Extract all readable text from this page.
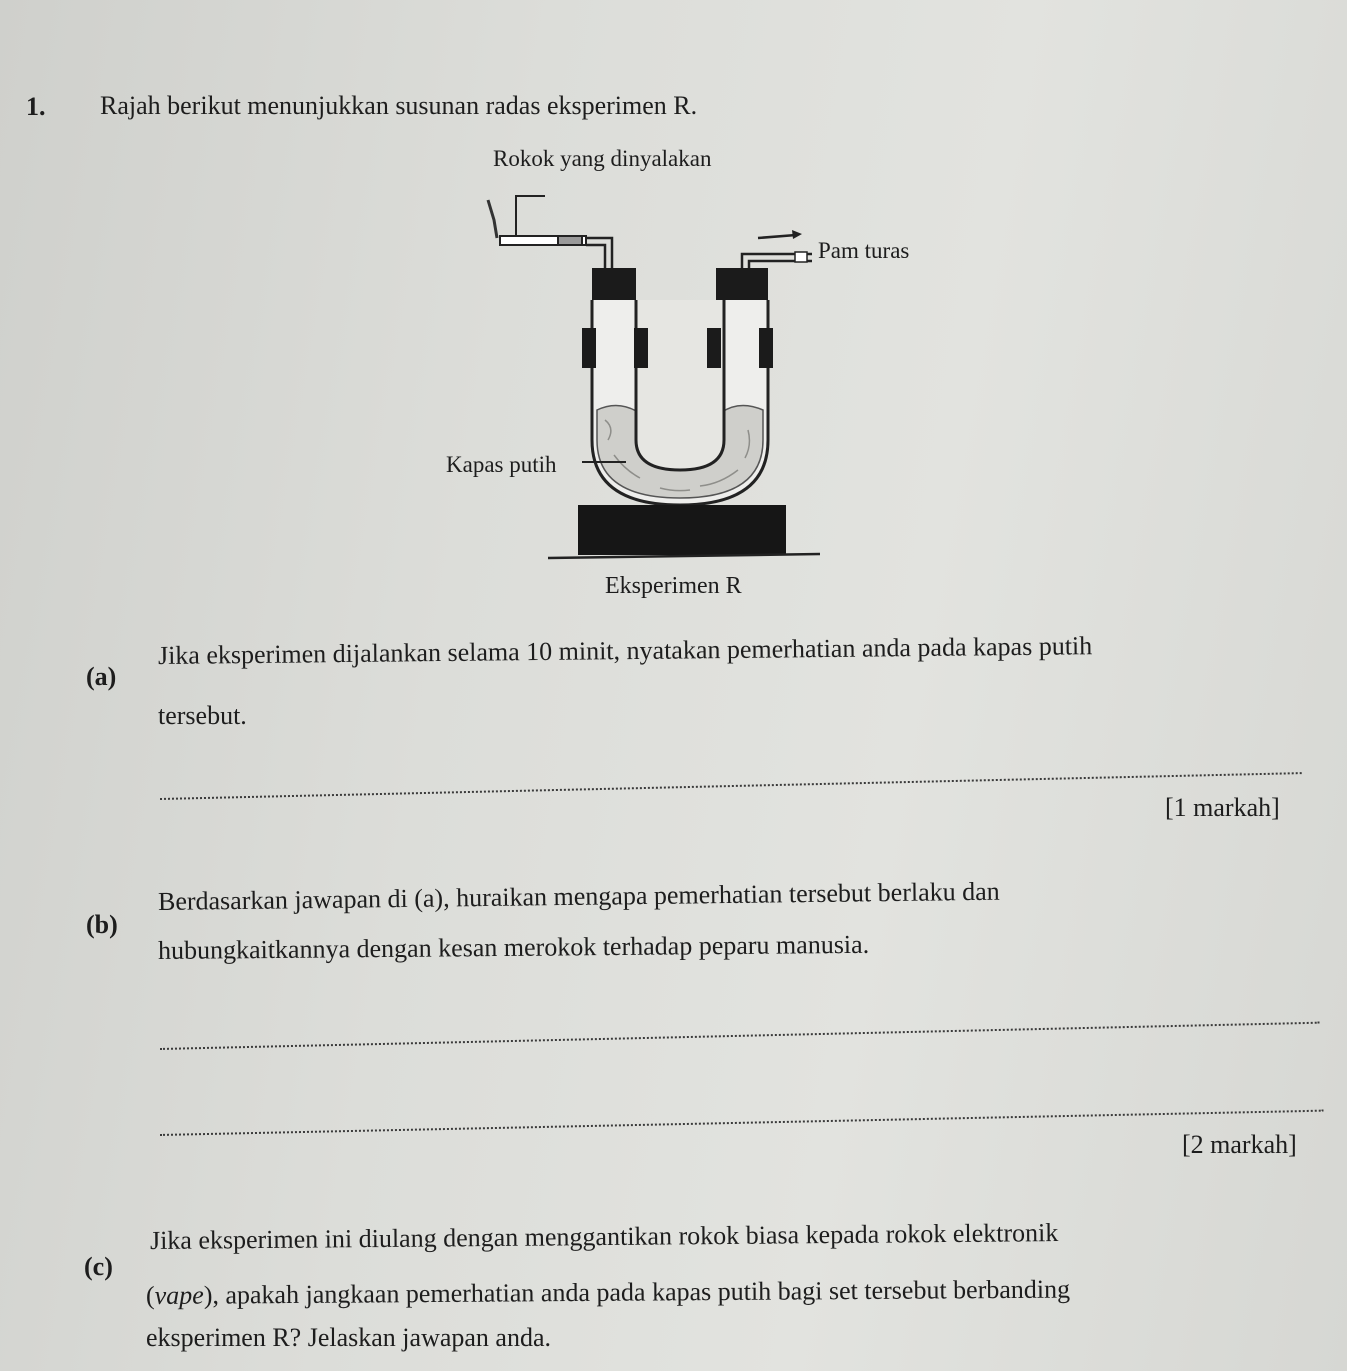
1. Rajah berikut menunjukkan susunan radas eksperimen R.
Rokok yang dinyalakan
Pam turas
Kapas putih
Eksperimen R
(a)
Jika eksperimen dijalankan selama 10 minit, nyatakan pemerhatian anda pada kapas putih
tersebut.
[1 markah]
(b)
Berdasarkan jawapan di (a), huraikan mengapa pemerhatian tersebut berlaku dan
hubungkaitkannya dengan kesan merokok terhadap peparu manusia.
[2 markah]
(c)
Jika eksperimen ini diulang dengan menggantikan rokok biasa kepada rokok elektronik
(vape), apakah jangkaan pemerhatian anda pada kapas putih bagi set tersebut berbanding
eksperimen R? Jelaskan jawapan anda.
